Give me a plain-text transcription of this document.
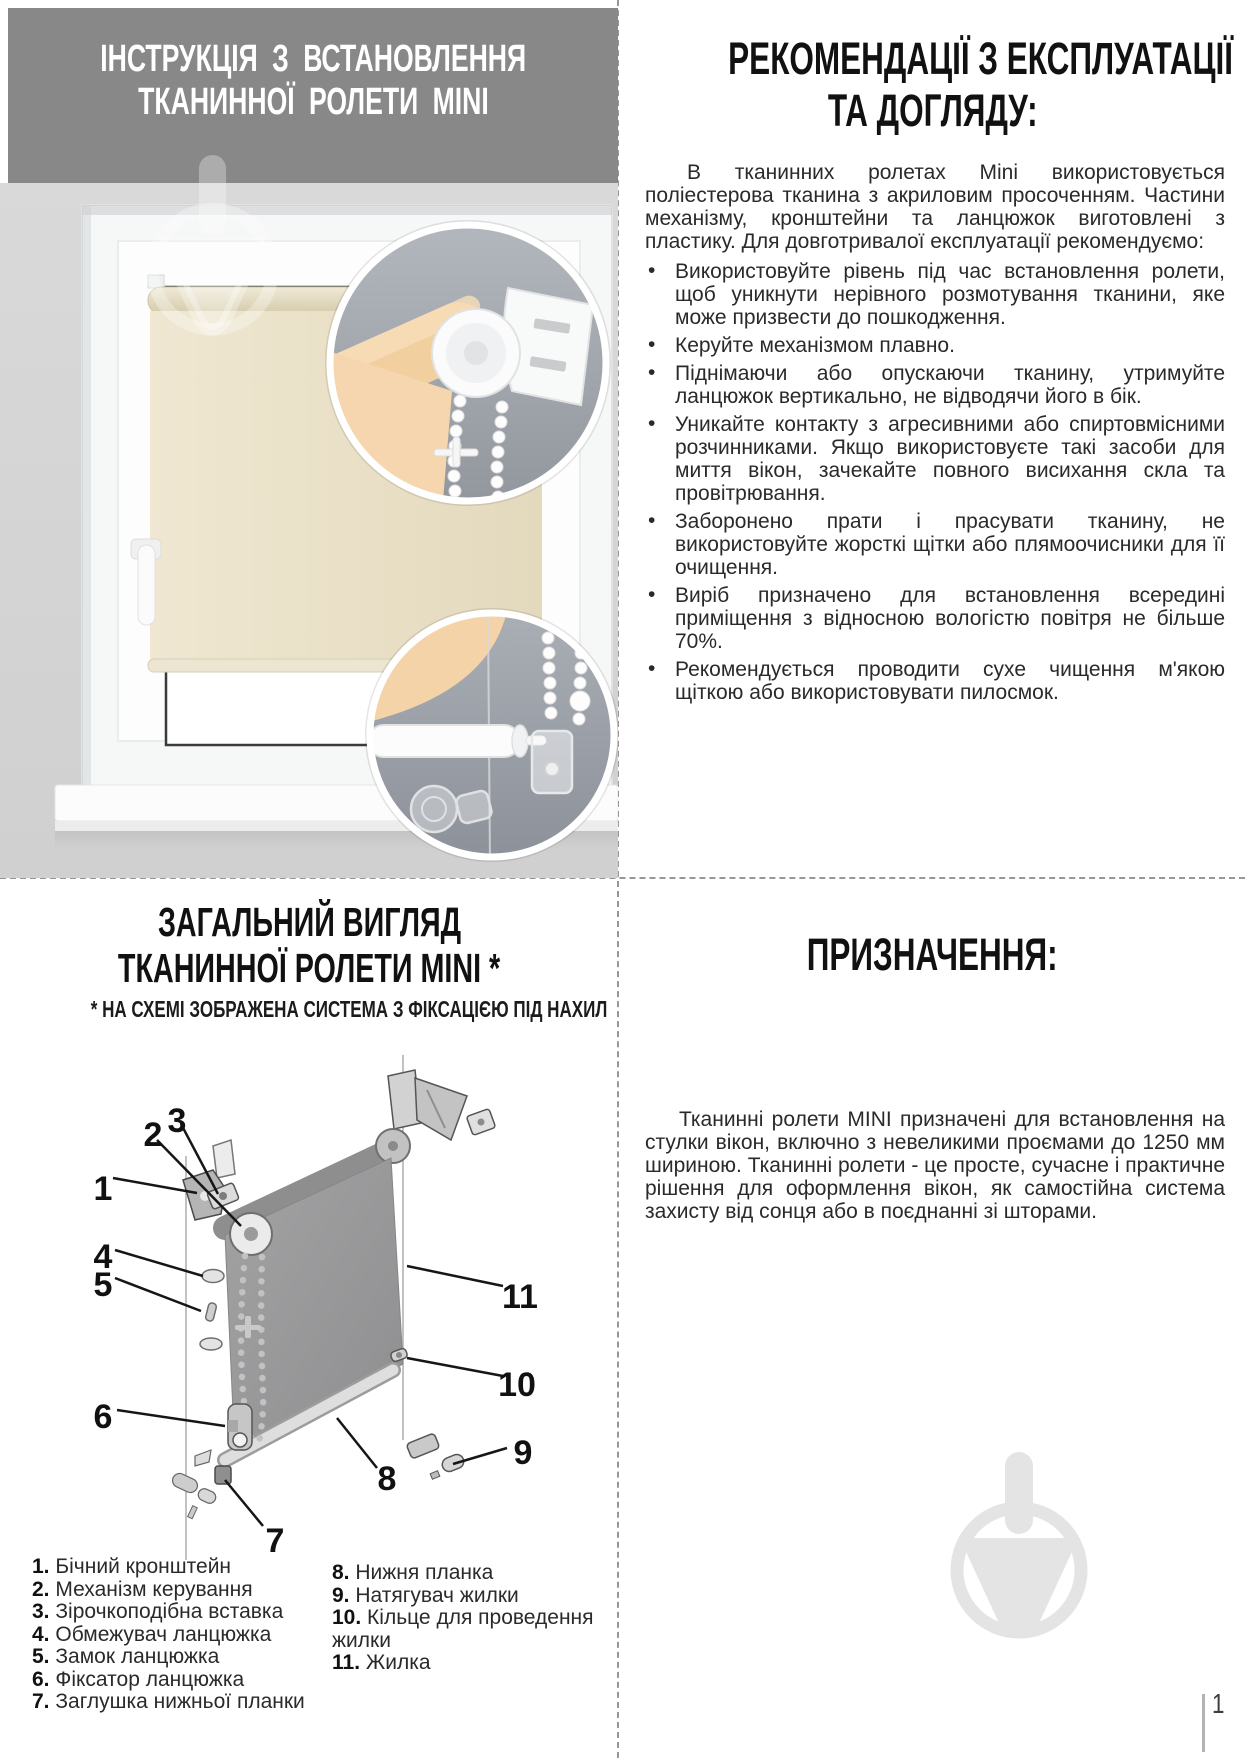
ІНСТРУКЦІЯ З ВСТАНОВЛЕННЯ
ТКАНИННОЇ РОЛЕТИ MINI
РЕКОМЕНДАЦІЇ З ЕКСПЛУАТАЦІЇ
ТА ДОГЛЯДУ:

В тканинних ролетах Mini використовується поліестерова тканина з акриловим просоченням. Частини механізму, кронштейни та ланцюжок виготовлені з пластику. Для довготривалої експлуатації рекомендуємо:

• Використовуйте рівень під час встановлення ролети, щоб уникнути нерівного розмотування тканини, яке може призвести до пошкодження.
• Керуйте механізмом плавно.
• Піднімаючи або опускаючи тканину, утримуйте ланцюжок вертикально, не відводячи його в бік.
• Уникайте контакту з агресивними або спиртовмісними розчинниками. Якщо використовуєте такі засоби для миття вікон, зачекайте повного висихання скла та провітрювання.
• Заборонено прати і прасувати тканину, не використовуйте жорсткі щітки або плямоочисники для її очищення.
• Виріб призначено для встановлення всередині приміщення з відносною вологістю повітря не більше 70%.
• Рекомендується проводити сухе чищення м'якою щіткою або використовувати пилосмок.
ЗАГАЛЬНИЙ ВИГЛЯД
ТКАНИННОЇ РОЛЕТИ MINI *
* НА СХЕМІ ЗОБРАЖЕНА СИСТЕМА З ФІКСАЦІЄЮ ПІД НАХИЛ
1
2 3
4
5
6
7
8
9
10
11
1. Бічний кронштейн
2. Механізм керування
3. Зірочкоподібна вставка
4. Обмежувач ланцюжка
5. Замок ланцюжка
6. Фіксатор ланцюжка
7. Заглушка нижньої планки
8. Нижня планка
9. Натягувач жилки
10. Кільце для проведення жилки
11. Жилка
ПРИЗНАЧЕННЯ:

Тканинні ролети MINI призначені для встановлення на стулки вікон, включно з невеликими проємами до 1250 мм шириною. Тканинні ролети - це просте, сучасне і практичне рішення для оформлення вікон, як самостійна система захисту від сонця або в поєднанні зі шторами.

1
